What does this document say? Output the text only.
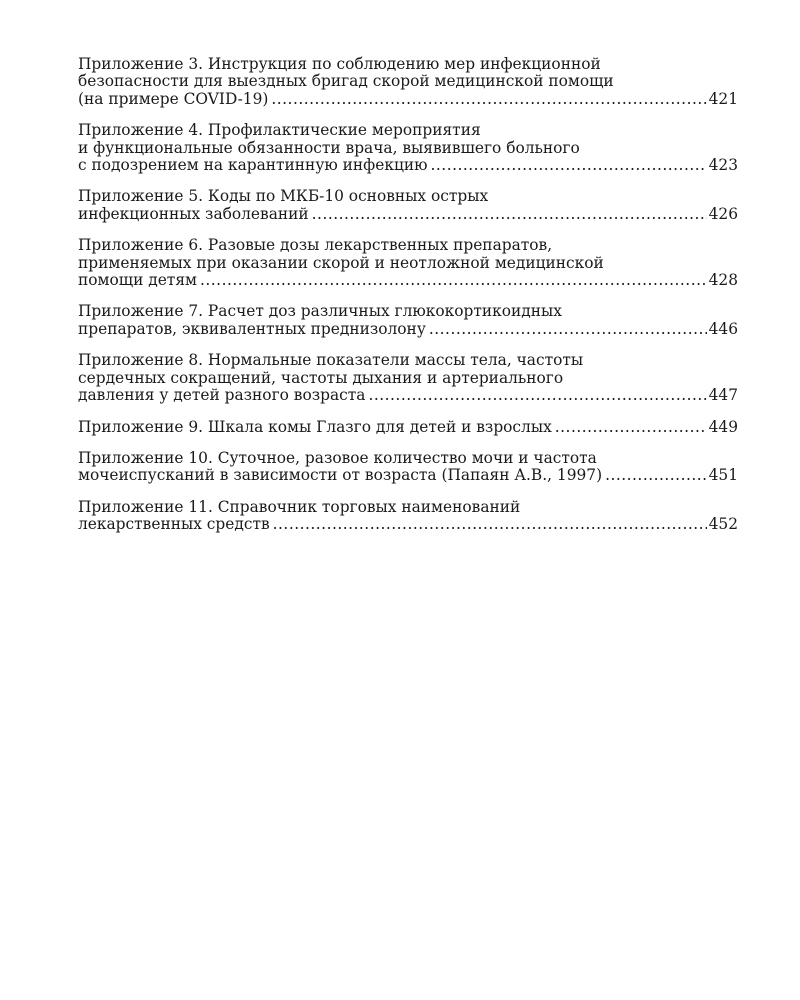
Приложение 3. Инструкция по соблюдению мер инфекционной
безопасности для выездных бригад скорой медицинской помощи
(на примере COVID-19) .....	421
Приложение 4. Профилактические мероприятия
и функциональные обязанности врача, выявившего больного
с подозрением на карантинную инфекцию .....	423
Приложение 5. Коды по МКБ-10 основных острых
инфекционных заболеваний .....	426
Приложение 6. Разовые дозы лекарственных препаратов,
применяемых при оказании скорой и неотложной медицинской
помощи детям .....	428
Приложение 7. Расчет доз различных глюкокортикоидных
препаратов, эквивалентных преднизолону .....	446
Приложение 8. Нормальные показатели массы тела, частоты
сердечных сокращений, частоты дыхания и артериального
давления у детей разного возраста .....	447
Приложение 9. Шкала комы Глазго для детей и взрослых .....	449
Приложение 10. Суточное, разовое количество мочи и частота
мочеиспусканий в зависимости от возраста (Папаян А.В., 1997) .....	451
Приложение 11. Справочник торговых наименований
лекарственных средств .....	452
